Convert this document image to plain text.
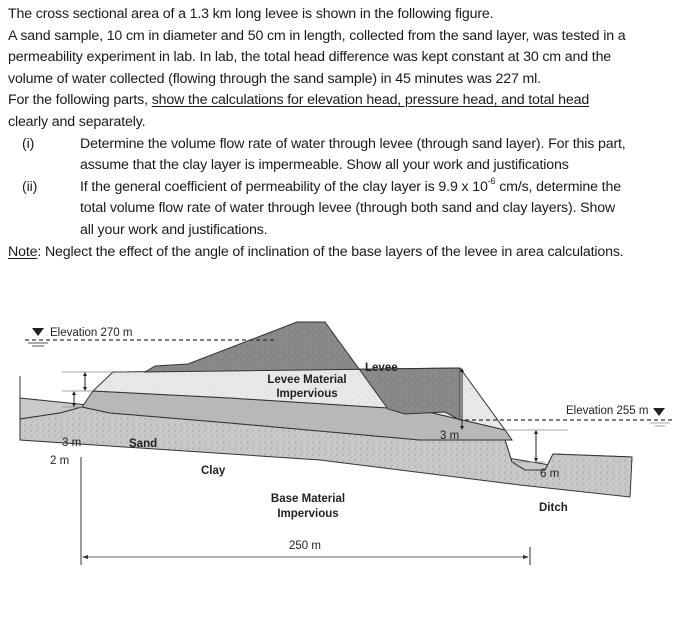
The cross sectional area of a 1.3 km long levee is shown in the following figure.

A sand sample, 10 cm in diameter and 50 cm in length, collected from the sand layer, was tested in a

permeability experiment in lab. In lab, the total head difference was kept constant at 30 cm and the

volume of water collected (flowing through the sand sample) in 45 minutes was 227 ml.

For the following parts, show the calculations for elevation head, pressure head, and total head

clearly and separately.

(i)	Determine the volume flow rate of water through levee (through sand layer). For this part,
assume that the clay layer is impermeable. Show all your work and justifications
(ii)	If the general coefficient of permeability of the clay layer is 9.9 x $10^{-6}$ cm/s, determine the
total volume flow rate of water through levee (through both sand and clay layers). Show
all your work and justifications.

Note: Neglect the effect of the angle of inclination of the base layers of the levee in area calculations.

Elevation 270 m
Elevation 255 m
Levee
Levee Material
Impervious
Sand
Clay
Base Material
Impervious
3 m
2 m
3 m
6 m
Ditch
250 m
